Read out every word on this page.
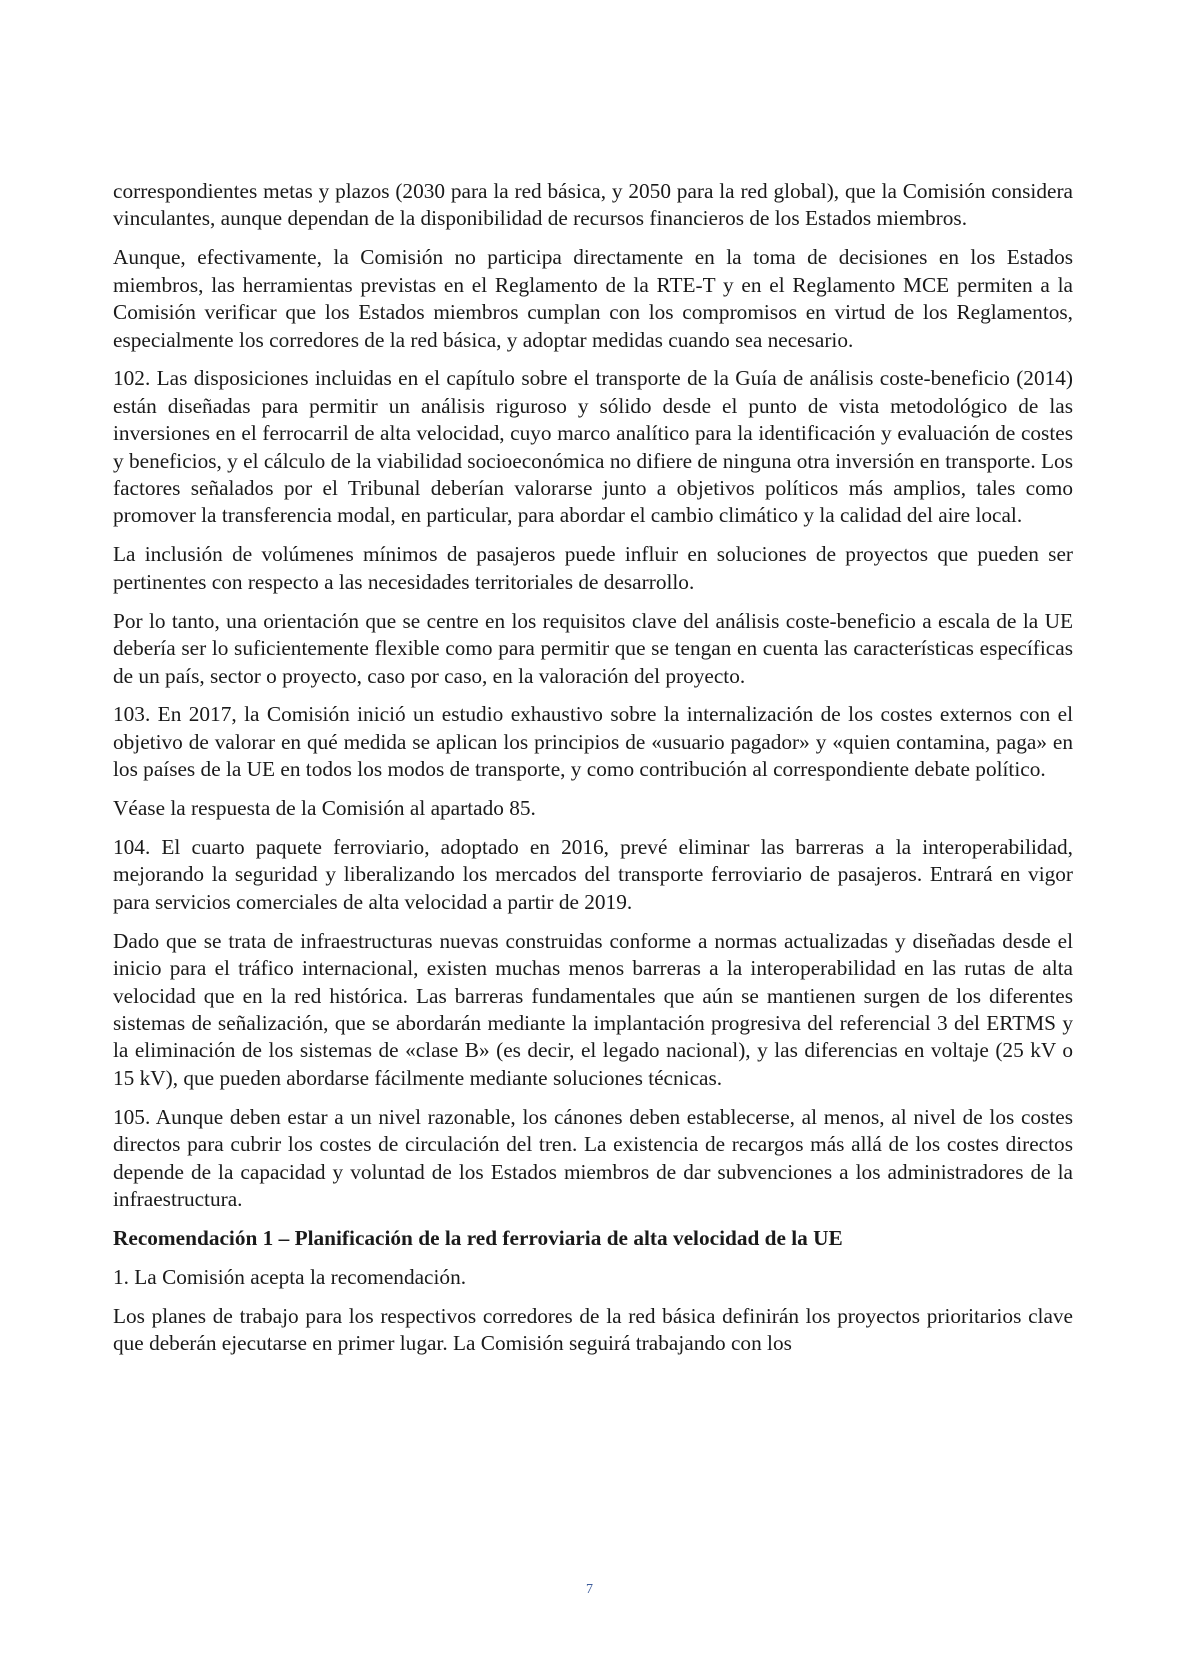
correspondientes metas y plazos (2030 para la red básica, y 2050 para la red global), que la Comisión considera vinculantes, aunque dependan de la disponibilidad de recursos financieros de los Estados miembros.

Aunque, efectivamente, la Comisión no participa directamente en la toma de decisiones en los Estados miembros, las herramientas previstas en el Reglamento de la RTE-T y en el Reglamento MCE permiten a la Comisión verificar que los Estados miembros cumplan con los compromisos en virtud de los Reglamentos, especialmente los corredores de la red básica, y adoptar medidas cuando sea necesario.

102. Las disposiciones incluidas en el capítulo sobre el transporte de la Guía de análisis coste-beneficio (2014) están diseñadas para permitir un análisis riguroso y sólido desde el punto de vista metodológico de las inversiones en el ferrocarril de alta velocidad, cuyo marco analítico para la identificación y evaluación de costes y beneficios, y el cálculo de la viabilidad socioeconómica no difiere de ninguna otra inversión en transporte. Los factores señalados por el Tribunal deberían valorarse junto a objetivos políticos más amplios, tales como promover la transferencia modal, en particular, para abordar el cambio climático y la calidad del aire local.

La inclusión de volúmenes mínimos de pasajeros puede influir en soluciones de proyectos que pueden ser pertinentes con respecto a las necesidades territoriales de desarrollo.

Por lo tanto, una orientación que se centre en los requisitos clave del análisis coste-beneficio a escala de la UE debería ser lo suficientemente flexible como para permitir que se tengan en cuenta las características específicas de un país, sector o proyecto, caso por caso, en la valoración del proyecto.

103. En 2017, la Comisión inició un estudio exhaustivo sobre la internalización de los costes externos con el objetivo de valorar en qué medida se aplican los principios de «usuario pagador» y «quien contamina, paga» en los países de la UE en todos los modos de transporte, y como contribución al correspondiente debate político.

Véase la respuesta de la Comisión al apartado 85.

104. El cuarto paquete ferroviario, adoptado en 2016, prevé eliminar las barreras a la interoperabilidad, mejorando la seguridad y liberalizando los mercados del transporte ferroviario de pasajeros. Entrará en vigor para servicios comerciales de alta velocidad a partir de 2019.

Dado que se trata de infraestructuras nuevas construidas conforme a normas actualizadas y diseñadas desde el inicio para el tráfico internacional, existen muchas menos barreras a la interoperabilidad en las rutas de alta velocidad que en la red histórica. Las barreras fundamentales que aún se mantienen surgen de los diferentes sistemas de señalización, que se abordarán mediante la implantación progresiva del referencial 3 del ERTMS y la eliminación de los sistemas de «clase B» (es decir, el legado nacional), y las diferencias en voltaje (25 kV o 15 kV), que pueden abordarse fácilmente mediante soluciones técnicas.

105. Aunque deben estar a un nivel razonable, los cánones deben establecerse, al menos, al nivel de los costes directos para cubrir los costes de circulación del tren. La existencia de recargos más allá de los costes directos depende de la capacidad y voluntad de los Estados miembros de dar subvenciones a los administradores de la infraestructura.

Recomendación 1 – Planificación de la red ferroviaria de alta velocidad de la UE

1. La Comisión acepta la recomendación.

Los planes de trabajo para los respectivos corredores de la red básica definirán los proyectos prioritarios clave que deberán ejecutarse en primer lugar. La Comisión seguirá trabajando con los

7
